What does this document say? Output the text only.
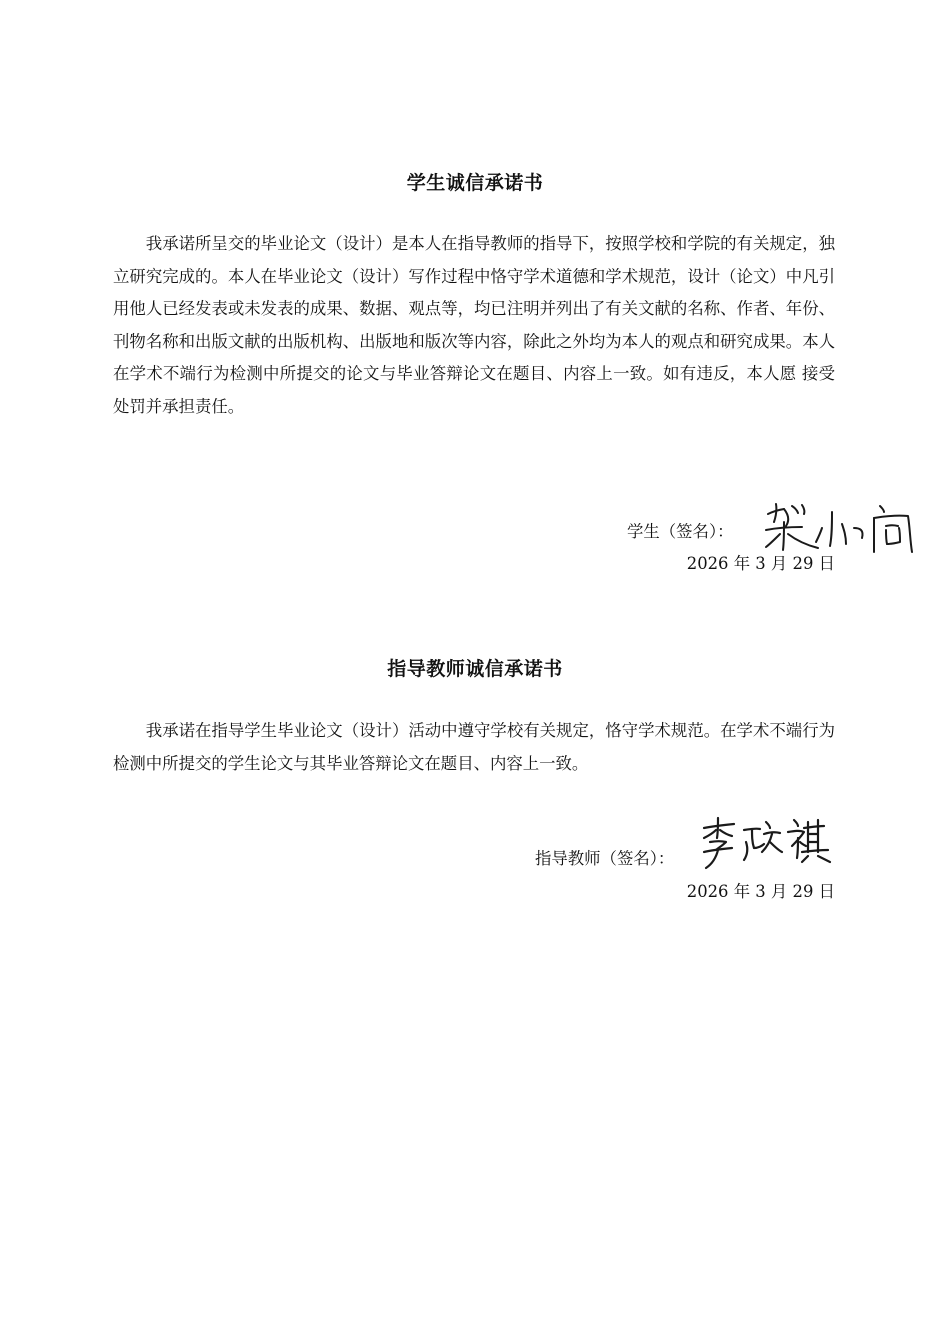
学生诚信承诺书

我承诺所呈交的毕业论文（设计）是本人在指导教师的指导下，按照学校和学院的有关规定，独立研究完成的。本人在毕业论文（设计）写作过程中恪守学术道德和学术规范，设计（论文）中凡引用他人已经发表或未发表的成果、数据、观点等，均已注明并列出了有关文献的名称、作者、年份、刊物名称和出版文献的出版机构、出版地和版次等内容，除此之外均为本人的观点和研究成果。本人在学术不端行为检测中所提交的论文与毕业答辩论文在题目、内容上一致。如有违反，本人愿 接受处罚并承担责任。

学生（签名）：
2026 年 3 月 29 日
指导教师诚信承诺书

我承诺在指导学生毕业论文（设计）活动中遵守学校有关规定，恪守学术规范。在学术不端行为检测中所提交的学生论文与其毕业答辩论文在题目、内容上一致。

指导教师（签名）：
2026 年 3 月 29 日
